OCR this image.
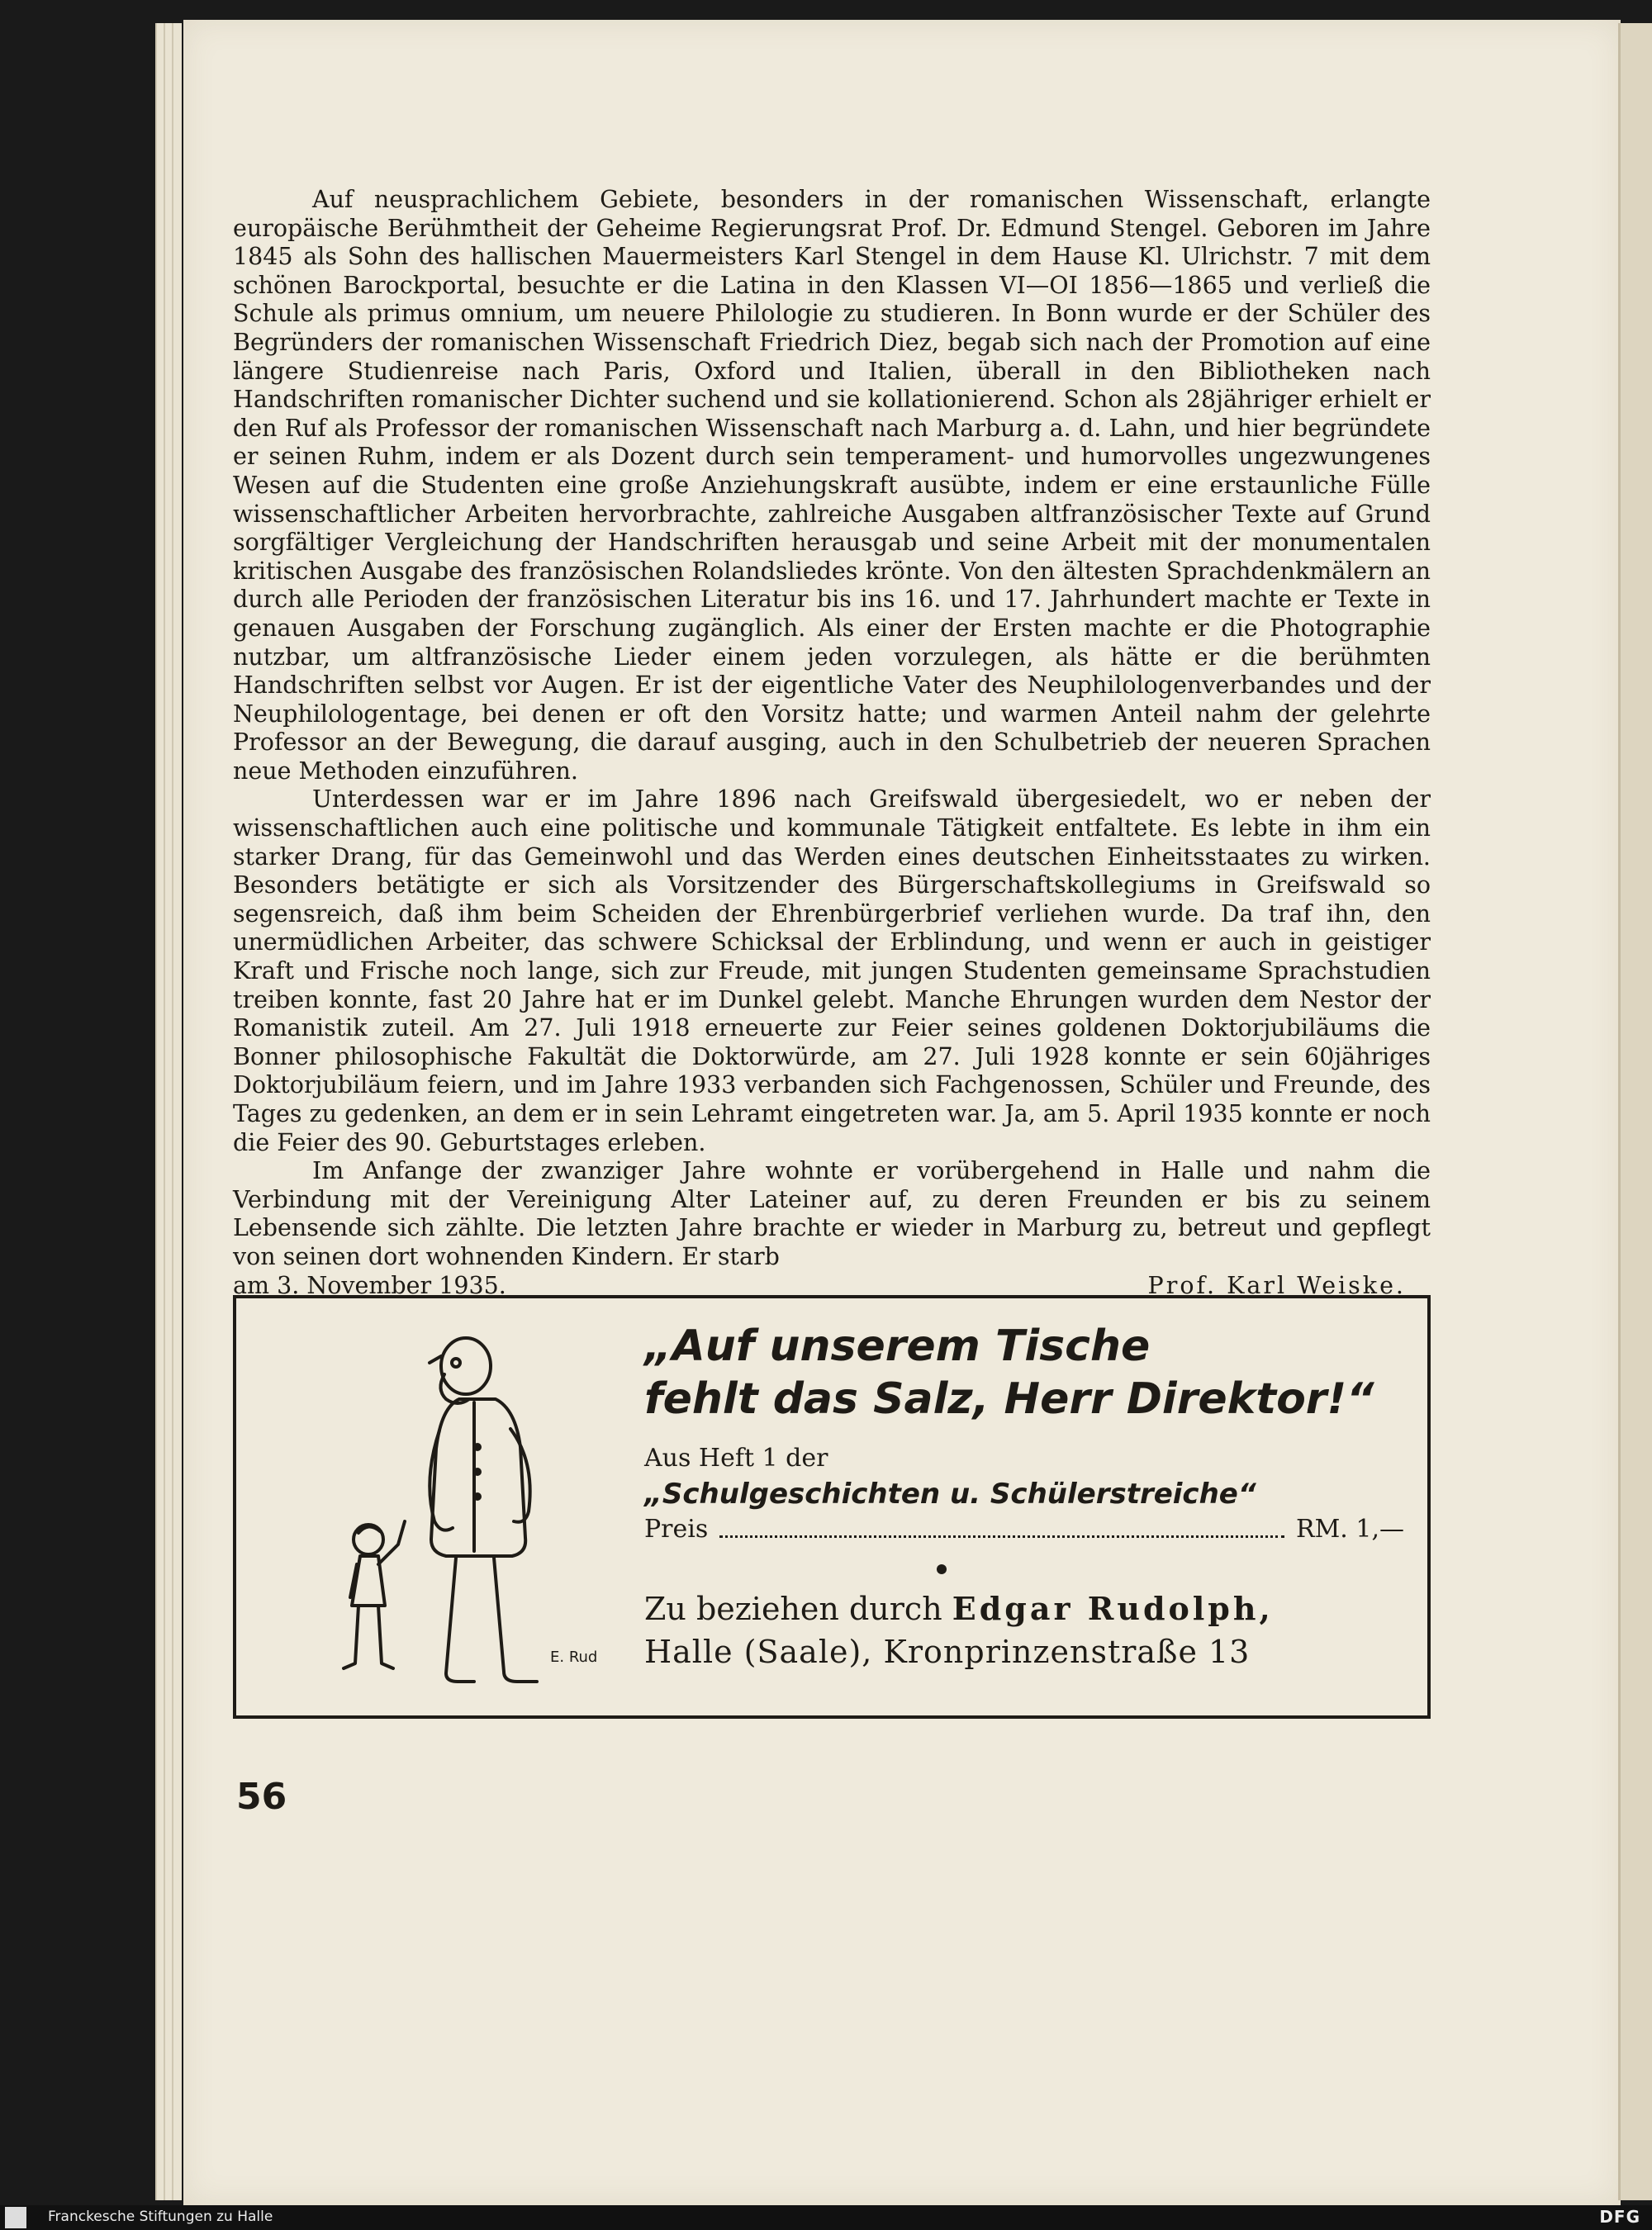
Auf neusprachlichem Gebiete, besonders in der romanischen Wissenschaft, erlangte europäische Berühmtheit der Geheime Regierungsrat Prof. Dr. Edmund Stengel. Geboren im Jahre 1845 als Sohn des hallischen Mauermeisters Karl Stengel in dem Hause Kl. Ulrichstr. 7 mit dem schönen Barockportal, besuchte er die Latina in den Klassen VI—OI 1856—1865 und verließ die Schule als primus omnium, um neuere Philologie zu studieren. In Bonn wurde er der Schüler des Begründers der romanischen Wissenschaft Friedrich Diez, begab sich nach der Promotion auf eine längere Studienreise nach Paris, Oxford und Italien, überall in den Bibliotheken nach Handschriften romanischer Dichter suchend und sie kollationierend. Schon als 28jähriger erhielt er den Ruf als Professor der romanischen Wissenschaft nach Marburg a. d. Lahn, und hier begründete er seinen Ruhm, indem er als Dozent durch sein temperament- und humorvolles ungezwungenes Wesen auf die Studenten eine große Anziehungskraft ausübte, indem er eine erstaunliche Fülle wissenschaftlicher Arbeiten hervorbrachte, zahlreiche Ausgaben altfranzösischer Texte auf Grund sorgfältiger Vergleichung der Handschriften herausgab und seine Arbeit mit der monumentalen kritischen Ausgabe des französischen Rolandsliedes krönte. Von den ältesten Sprachdenkmälern an durch alle Perioden der französischen Literatur bis ins 16. und 17. Jahrhundert machte er Texte in genauen Ausgaben der Forschung zugänglich. Als einer der Ersten machte er die Photographie nutzbar, um altfranzösische Lieder einem jeden vorzulegen, als hätte er die berühmten Handschriften selbst vor Augen. Er ist der eigentliche Vater des Neuphilologenverbandes und der Neuphilologentage, bei denen er oft den Vorsitz hatte; und warmen Anteil nahm der gelehrte Professor an der Bewegung, die darauf ausging, auch in den Schulbetrieb der neueren Sprachen neue Methoden einzuführen.

Unterdessen war er im Jahre 1896 nach Greifswald übergesiedelt, wo er neben der wissenschaftlichen auch eine politische und kommunale Tätigkeit entfaltete. Es lebte in ihm ein starker Drang, für das Gemeinwohl und das Werden eines deutschen Einheitsstaates zu wirken. Besonders betätigte er sich als Vorsitzender des Bürgerschaftskollegiums in Greifswald so segensreich, daß ihm beim Scheiden der Ehrenbürgerbrief verliehen wurde. Da traf ihn, den unermüdlichen Arbeiter, das schwere Schicksal der Erblindung, und wenn er auch in geistiger Kraft und Frische noch lange, sich zur Freude, mit jungen Studenten gemeinsame Sprachstudien treiben konnte, fast 20 Jahre hat er im Dunkel gelebt. Manche Ehrungen wurden dem Nestor der Romanistik zuteil. Am 27. Juli 1918 erneuerte zur Feier seines goldenen Doktorjubiläums die Bonner philosophische Fakultät die Doktorwürde, am 27. Juli 1928 konnte er sein 60jähriges Doktorjubiläum feiern, und im Jahre 1933 verbanden sich Fachgenossen, Schüler und Freunde, des Tages zu gedenken, an dem er in sein Lehramt eingetreten war. Ja, am 5. April 1935 konnte er noch die Feier des 90. Geburtstages erleben.

Im Anfange der zwanziger Jahre wohnte er vorübergehend in Halle und nahm die Verbindung mit der Vereinigung Alter Lateiner auf, zu deren Freunden er bis zu seinem Lebensende sich zählte. Die letzten Jahre brachte er wieder in Marburg zu, betreut und gepflegt von seinen dort wohnenden Kindern. Er starb

am 3. November 1935.	Prof. Karl Weiske.
E. Rud

„Auf unserem Tische

fehlt das Salz, Herr Direktor!“

Aus Heft 1 der
„Schulgeschichten u. Schülerstreiche“
Preis	RM. 1,—
Zu beziehen durch Edgar Rudolph,
Halle (Saale), Kronprinzenstraße 13
56
Franckesche Stiftungen zu Halle	DFG
